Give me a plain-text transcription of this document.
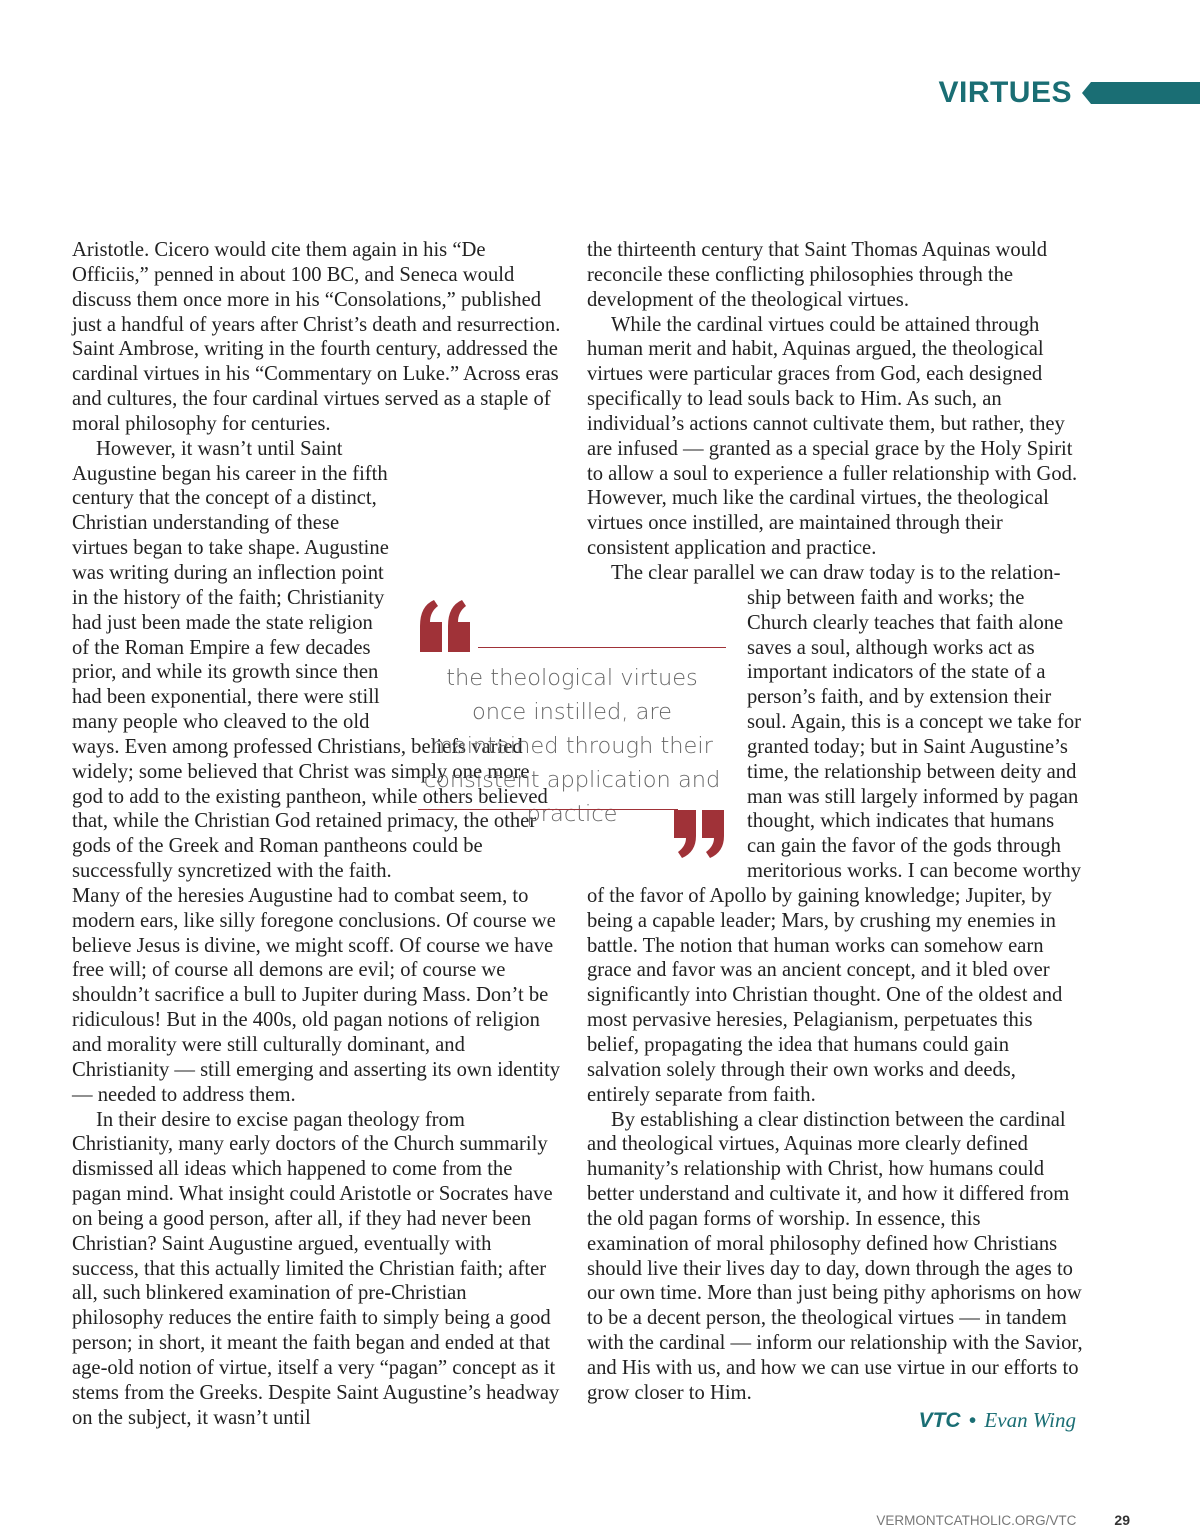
VIRTUES

Aristotle. Cicero would cite them again in his “De Officiis,” penned in about 100 BC, and Seneca would discuss them once more in his “Consolations,” published just a handful of years after Christ’s death and resurrection. Saint Ambrose, writing in the fourth century, addressed the cardinal virtues in his “Commentary on Luke.” Across eras and cultures, the four cardinal virtues served as a staple of moral philosophy for centuries.

However, it wasn’t until Saint Augustine began his career in the fifth century that the concept of a distinct, Christian understanding of these virtues began to take shape. Augustine was writing during an inflection point in the history of the faith; Christianity had just been made the state religion of the Roman Empire a few decades prior, and while its growth since then had been exponential, there were still many people who cleaved to the old ways. Even among professed Christians, beliefs varied widely; some believed that Christ was simply one more god to add to the existing pantheon, while others believed that, while the Christian God retained primacy, the other gods of the Greek and Roman pantheons could be successfully syncretized with the faith.

Many of the heresies Augustine had to combat seem, to modern ears, like silly foregone conclusions. Of course we believe Jesus is divine, we might scoff. Of course we have free will; of course all demons are evil; of course we shouldn’t sacrifice a bull to Jupiter during Mass. Don’t be ridiculous! But in the 400s, old pagan notions of religion and morality were still culturally dominant, and Christianity — still emerging and asserting its own identity — needed to address them.

In their desire to excise pagan theology from Christianity, many early doctors of the Church summarily dismissed all ideas which happened to come from the pagan mind. What insight could Aristotle or Socrates have on being a good person, after all, if they had never been Christian? Saint Augustine argued, eventually with success, that this actually limited the Christian faith; after all, such blinkered examination of pre-Christian philosophy reduces the entire faith to simply being a good person; in short, it meant the faith began and ended at that age-old notion of virtue, itself a very “pagan” concept as it stems from the Greeks. Despite Saint Augustine’s headway on the subject, it wasn’t until

the thirteenth century that Saint Thomas Aquinas would reconcile these conflicting philosophies through the development of the theological virtues.

While the cardinal virtues could be attained through human merit and habit, Aquinas argued, the theological virtues were particular graces from God, each designed specifically to lead souls back to Him. As such, an individual’s actions cannot cultivate them, but rather, they are infused — granted as a special grace by the Holy Spirit to allow a soul to experience a fuller relationship with God. However, much like the cardinal virtues, the theological virtues once instilled, are maintained through their consistent application and practice.

The clear parallel we can draw today is to the relation
ship between faith and works; the Church clearly teaches that faith alone saves a soul, although works act as important indicators of the state of a person’s faith, and by extension their soul. Again, this is a concept we take for granted today; but in Saint Augustine’s time, the relationship between deity and man was still largely informed by pagan thought, which indicates that humans can gain the favor of the gods through meritorious works. I can become worthy of the favor of Apollo by gaining knowledge; Jupiter, by being a capable leader; Mars, by crushing my enemies in battle. The notion that human works can somehow earn grace and favor was an ancient concept, and it bled over significantly into Christian thought. One of the oldest and most pervasive heresies, Pelagianism, perpetuates this belief, propagating the idea that humans could gain salvation solely through their own works and deeds, entirely separate from faith.

By establishing a clear distinction between the cardinal and theological virtues, Aquinas more clearly defined humanity’s relationship with Christ, how humans could better understand and cultivate it, and how it differed from the old pagan forms of worship. In essence, this examination of moral philosophy defined how Christians should live their lives day to day, down through the ages to our own time. More than just being pithy aphorisms on how to be a decent person, the theological virtues — in tandem with the cardinal — inform our relationship with the Savior, and His with us, and how we can use virtue in our efforts to grow closer to Him.

the theological virtues once instilled, are maintained through their consistent application and practice
VTC • Evan Wing
VERMONTCATHOLIC.ORG/VTC	29
